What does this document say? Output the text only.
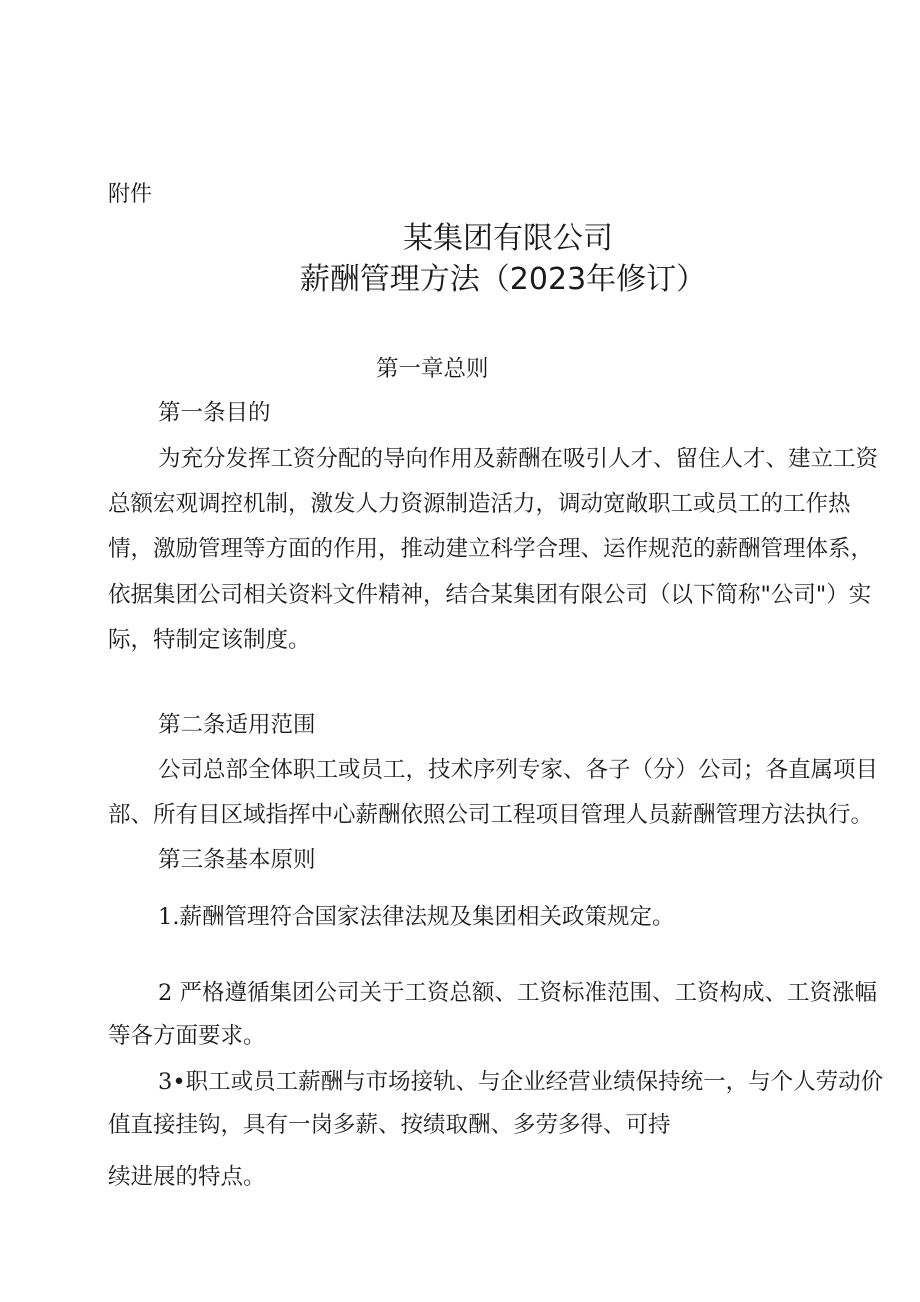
附件

某集团有限公司

薪酬管理方法（2023年修订）

第一章总则

第一条目的

为充分发挥工资分配的导向作用及薪酬在吸引人才、留住人才、建立工资

总额宏观调控机制，激发人力资源制造活力，调动宽敞职工或员工的工作热

情，激励管理等方面的作用，推动建立科学合理、运作规范的薪酬管理体系，

依据集团公司相关资料文件精神，结合某集团有限公司（以下简称"公司"）实

际，特制定该制度。

第二条适用范围

公司总部全体职工或员工，技术序列专家、各子（分）公司；各直属项目

部、所有目区域指挥中心薪酬依照公司工程项目管理人员薪酬管理方法执行。

第三条基本原则

1.薪酬管理符合国家法律法规及集团相关政策规定。

2 严格遵循集团公司关于工资总额、工资标准范围、工资构成、工资涨幅

等各方面要求。

3•职工或员工薪酬与市场接轨、与企业经营业绩保持统一，与个人劳动价

值直接挂钩，具有一岗多薪、按绩取酬、多劳多得、可持

续进展的特点。
